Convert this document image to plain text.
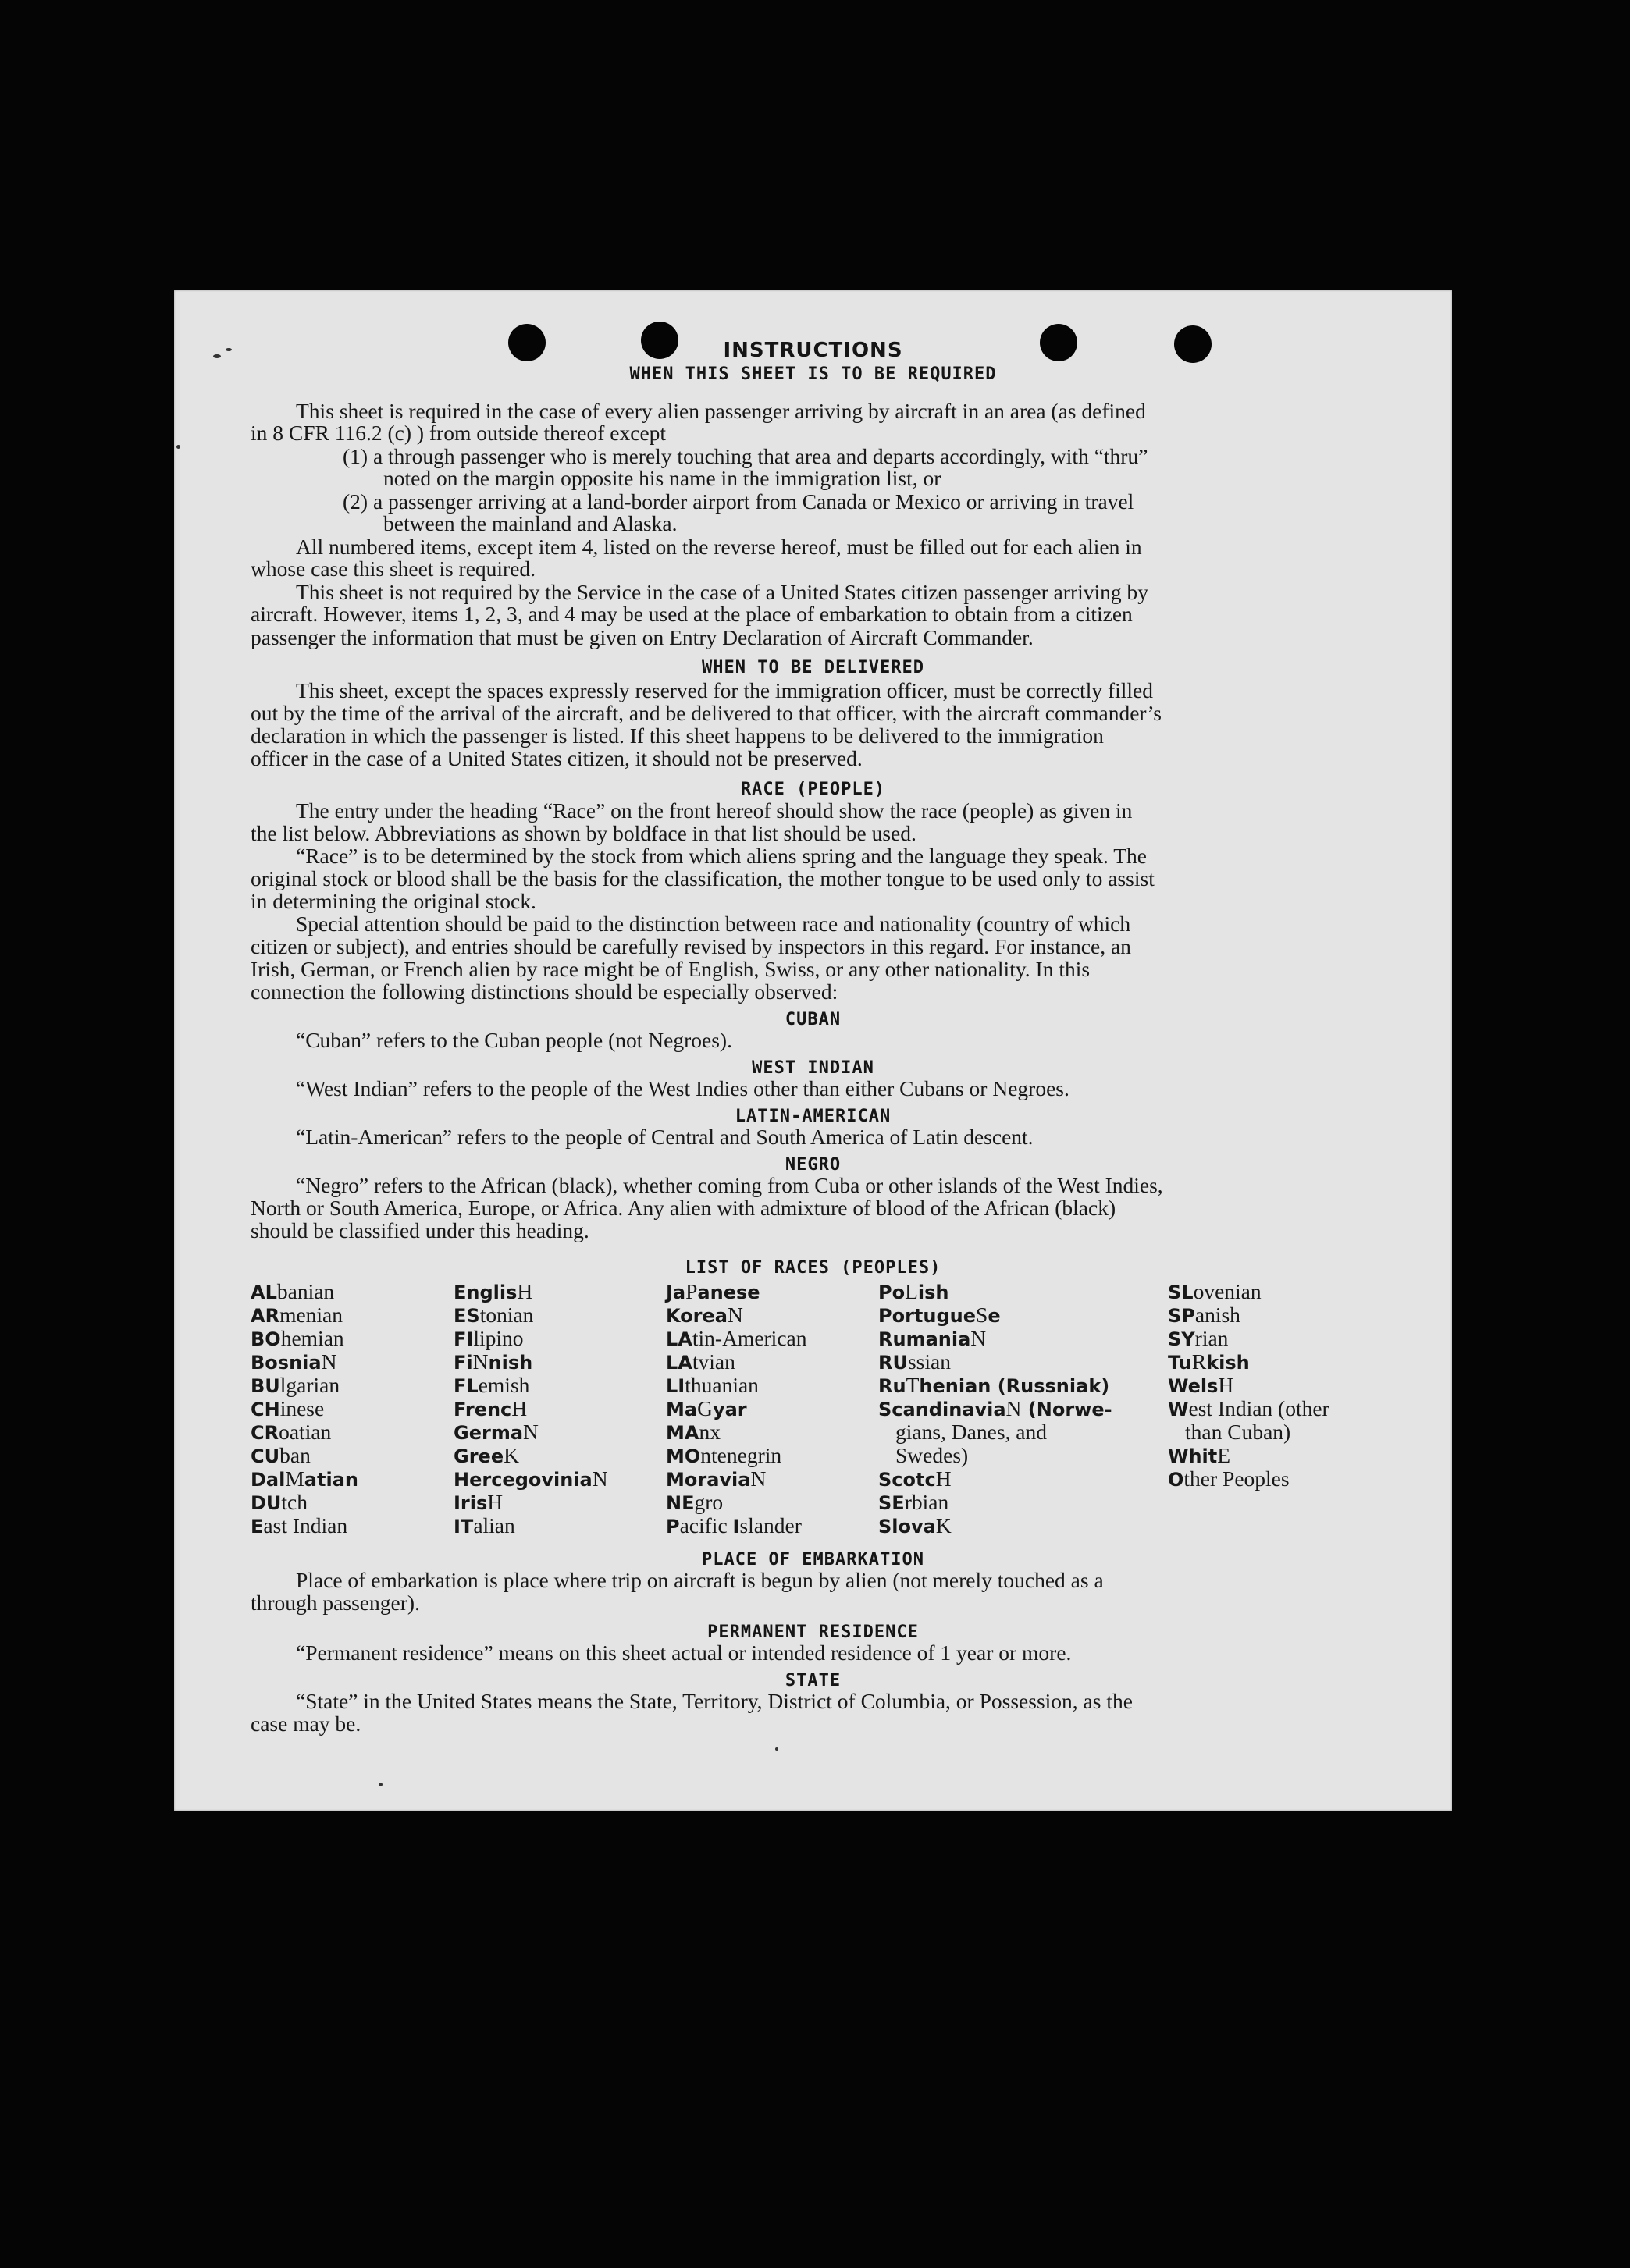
INSTRUCTIONS
WHEN THIS SHEET IS TO BE REQUIRED
This sheet is required in the case of every alien passenger arriving by aircraft in an area (as defined
in 8 CFR 116.2 (c) ) from outside thereof except
(1) a through passenger who is merely touching that area and departs accordingly, with “thru”
noted on the margin opposite his name in the immigration list, or
(2) a passenger arriving at a land-border airport from Canada or Mexico or arriving in travel
between the mainland and Alaska.
All numbered items, except item 4, listed on the reverse hereof, must be filled out for each alien in
whose case this sheet is required.
This sheet is not required by the Service in the case of a United States citizen passenger arriving by
aircraft. However, items 1, 2, 3, and 4 may be used at the place of embarkation to obtain from a citizen
passenger the information that must be given on Entry Declaration of Aircraft Commander.
WHEN TO BE DELIVERED
This sheet, except the spaces expressly reserved for the immigration officer, must be correctly filled
out by the time of the arrival of the aircraft, and be delivered to that officer, with the aircraft commander’s
declaration in which the passenger is listed. If this sheet happens to be delivered to the immigration
officer in the case of a United States citizen, it should not be preserved.
RACE (PEOPLE)
The entry under the heading “Race” on the front hereof should show the race (people) as given in
the list below. Abbreviations as shown by boldface in that list should be used.
“Race” is to be determined by the stock from which aliens spring and the language they speak. The
original stock or blood shall be the basis for the classification, the mother tongue to be used only to assist
in determining the original stock.
Special attention should be paid to the distinction between race and nationality (country of which
citizen or subject), and entries should be carefully revised by inspectors in this regard. For instance, an
Irish, German, or French alien by race might be of English, Swiss, or any other nationality. In this
connection the following distinctions should be especially observed:
CUBAN
“Cuban” refers to the Cuban people (not Negroes).
WEST INDIAN
“West Indian” refers to the people of the West Indies other than either Cubans or Negroes.
LATIN-AMERICAN
“Latin-American” refers to the people of Central and South America of Latin descent.
NEGRO
“Negro” refers to the African (black), whether coming from Cuba or other islands of the West Indies,
North or South America, Europe, or Africa. Any alien with admixture of blood of the African (black)
should be classified under this heading.
LIST OF RACES (PEOPLES)
ALbanian
ARmenian
BOhemian
BosniaN
BUlgarian
CHinese
CRoatian
CUban
DalMatian
DUtch
East Indian
EnglisH
EStonian
FIlipino
FiNnish
FLemish
FrencH
GermaN
GreeK
HercegoviniaN
IrisH
ITalian
JaPanese
KoreaN
LAtin-American
LAtvian
LIthuanian
MaGyar
MAnx
MOntenegrin
MoraviaN
NEgro
Pacific Islander
PoLish
PortugueSe
RumaniaN
RUssian
RuThenian (Russniak)
ScandinaviaN (Norwe-
gians, Danes, and
Swedes)
ScotcH
SErbian
SlovaK
SLovenian
SPanish
SYrian
TuRkish
WelsH
West Indian (other
than Cuban)
WhitE
Other Peoples
PLACE OF EMBARKATION
Place of embarkation is place where trip on aircraft is begun by alien (not merely touched as a
through passenger).
PERMANENT RESIDENCE
“Permanent residence” means on this sheet actual or intended residence of 1 year or more.
STATE
“State” in the United States means the State, Territory, District of Columbia, or Possession, as the
case may be.
